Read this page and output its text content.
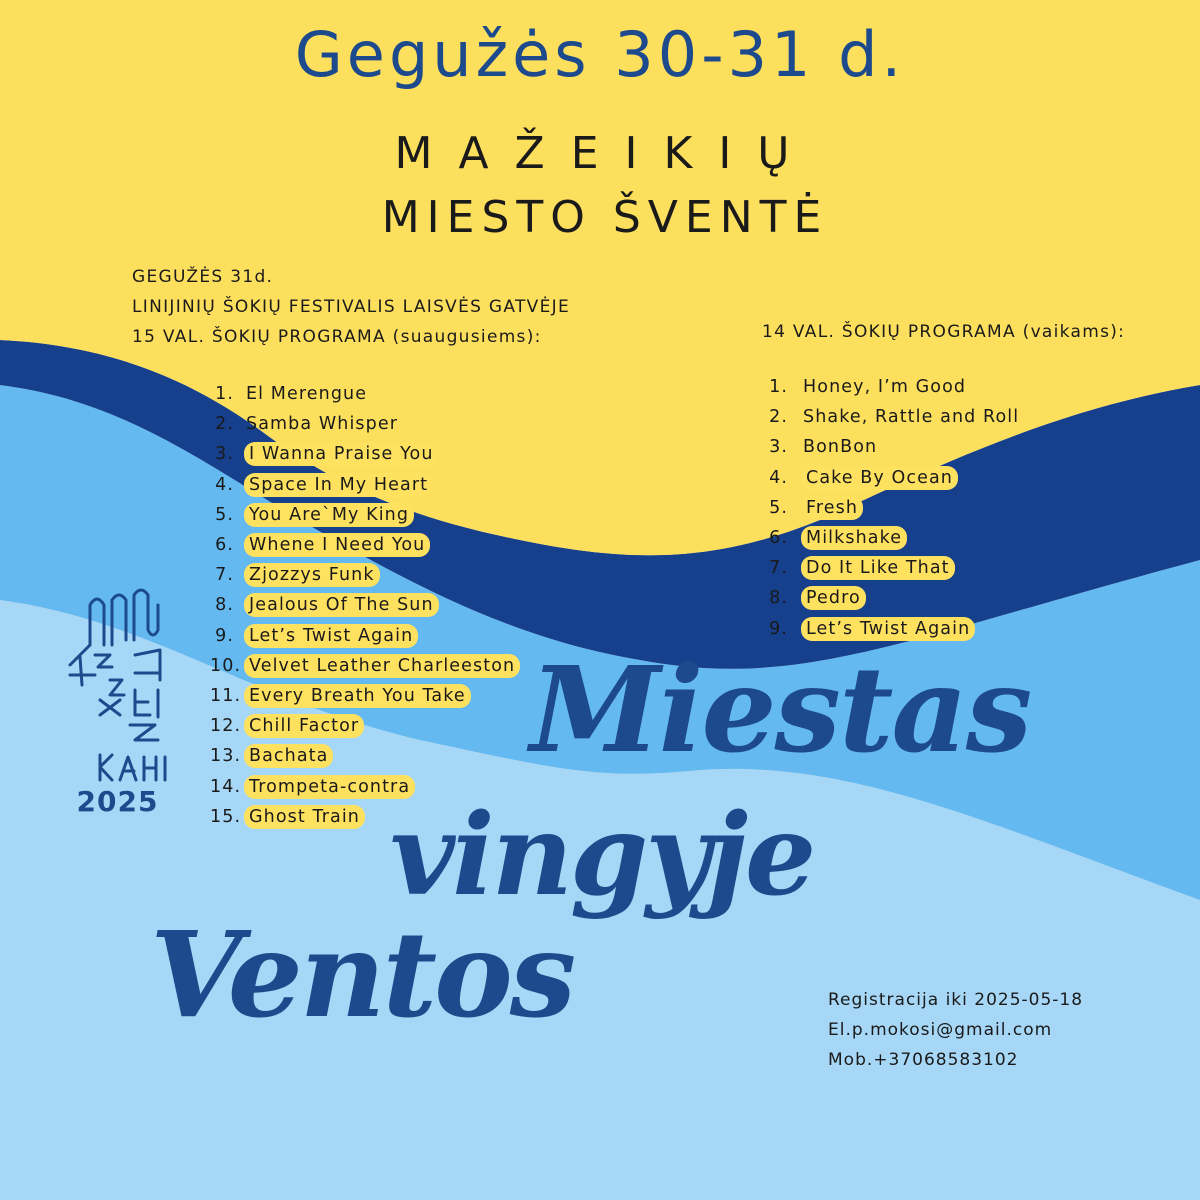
Gegužės 30-31 d.
MAŽEIKIŲ
MIESTO ŠVENTĖ
GEGUŽĖS 31d.
LINIJINIŲ ŠOKIŲ FESTIVALIS LAISVĖS GATVĖJE
15 VAL. ŠOKIŲ PROGRAMA (suaugusiems):	14 VAL. ŠOKIŲ PROGRAMA (vaikams):
1. El Merengue
2. Samba Whisper
3. I Wanna Praise You
4. Space In My Heart
5. You Are`My King
6. Whene I Need You
7. Zjozzys Funk
8. Jealous Of The Sun
9. Let’s Twist Again
10. Velvet Leather Charleeston
11. Every Breath You Take
12. Chill Factor
13. Bachata
14. Trompeta-contra
15. Ghost Train
1. Honey, I’m Good
2. Shake, Rattle and Roll
3. BonBon
4.	Cake By Ocean
5.	Fresh
6.	Milkshake
7.	Do It Like That
8.	Pedro
9.	Let’s Twist Again
2025
Miestas
vingyje
Ventos	Registracija iki 2025-05-18
El.p.mokosi@gmail.com
Mob.+37068583102
